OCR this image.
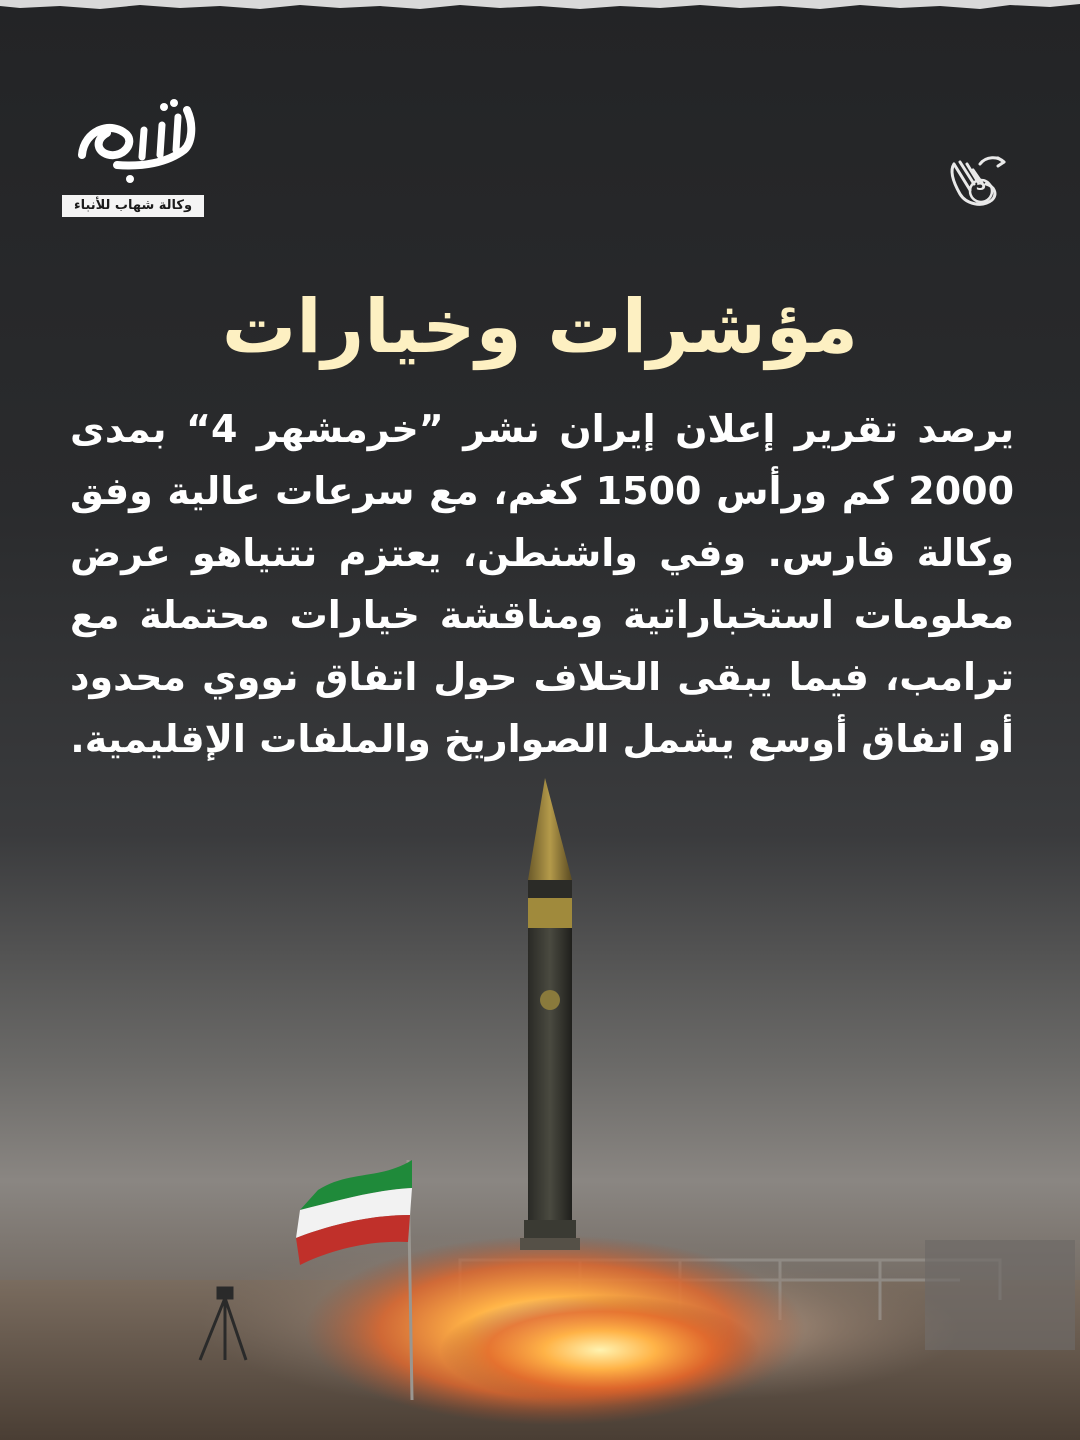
وكالة شهاب للأنباء
5
مؤشرات وخيارات
يرصد تقرير إعلان إيران نشر ”خرمشهر 4“ بمدى 2000 كم ورأس 1500 كغم، مع سرعات عالية وفق وكالة فارس. وفي واشنطن، يعتزم نتنياهو عرض معلومات استخباراتية ومناقشة خيارات محتملة مع ترامب، فيما يبقى الخلاف حول اتفاق نووي محدود أو اتفاق أوسع يشمل الصواريخ والملفات الإقليمية.
